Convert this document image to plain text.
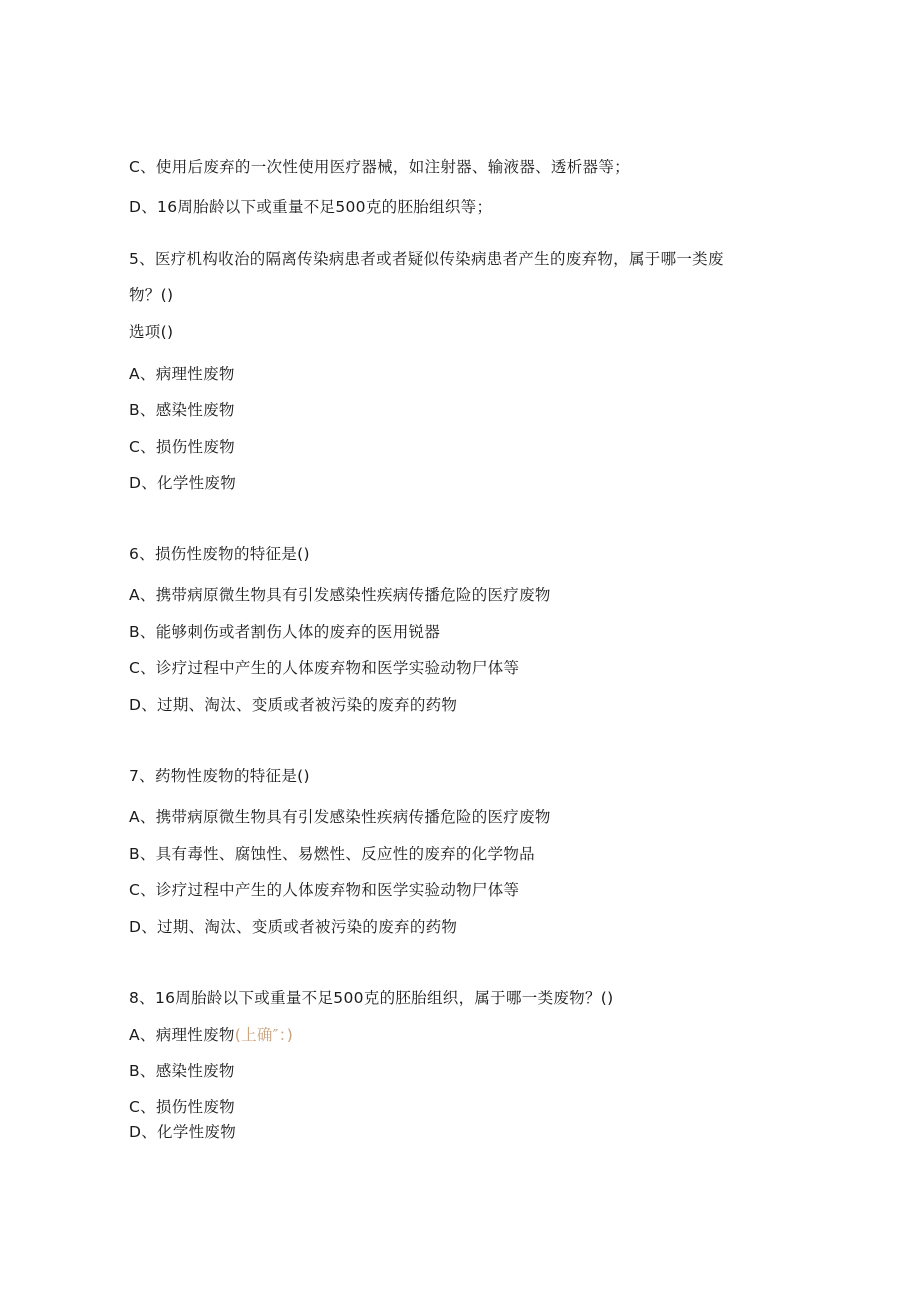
C、使用后废弃的一次性使用医疗器械，如注射器、输液器、透析器等；
D、16周胎龄以下或重量不足500克的胚胎组织等；
5、医疗机构收治的隔离传染病患者或者疑似传染病患者产生的废弃物，属于哪一类废
物？()
选项()
A、病理性废物
B、感染性废物
C、损伤性废物
D、化学性废物
6、损伤性废物的特征是()
A、携带病原微生物具有引发感染性疾病传播危险的医疗废物
B、能够刺伤或者割伤人体的废弃的医用锐器
C、诊疗过程中产生的人体废弃物和医学实验动物尸体等
D、过期、淘汰、变质或者被污染的废弃的药物
7、药物性废物的特征是()
A、携带病原微生物具有引发感染性疾病传播危险的医疗废物
B、具有毒性、腐蚀性、易燃性、反应性的废弃的化学物品
C、诊疗过程中产生的人体废弃物和医学实验动物尸体等
D、过期、淘汰、变质或者被污染的废弃的药物
8、16周胎龄以下或重量不足500克的胚胎组织，属于哪一类废物？()
A、病理性废物(上确″：)
B、感染性废物
C、损伤性废物
D、化学性废物
